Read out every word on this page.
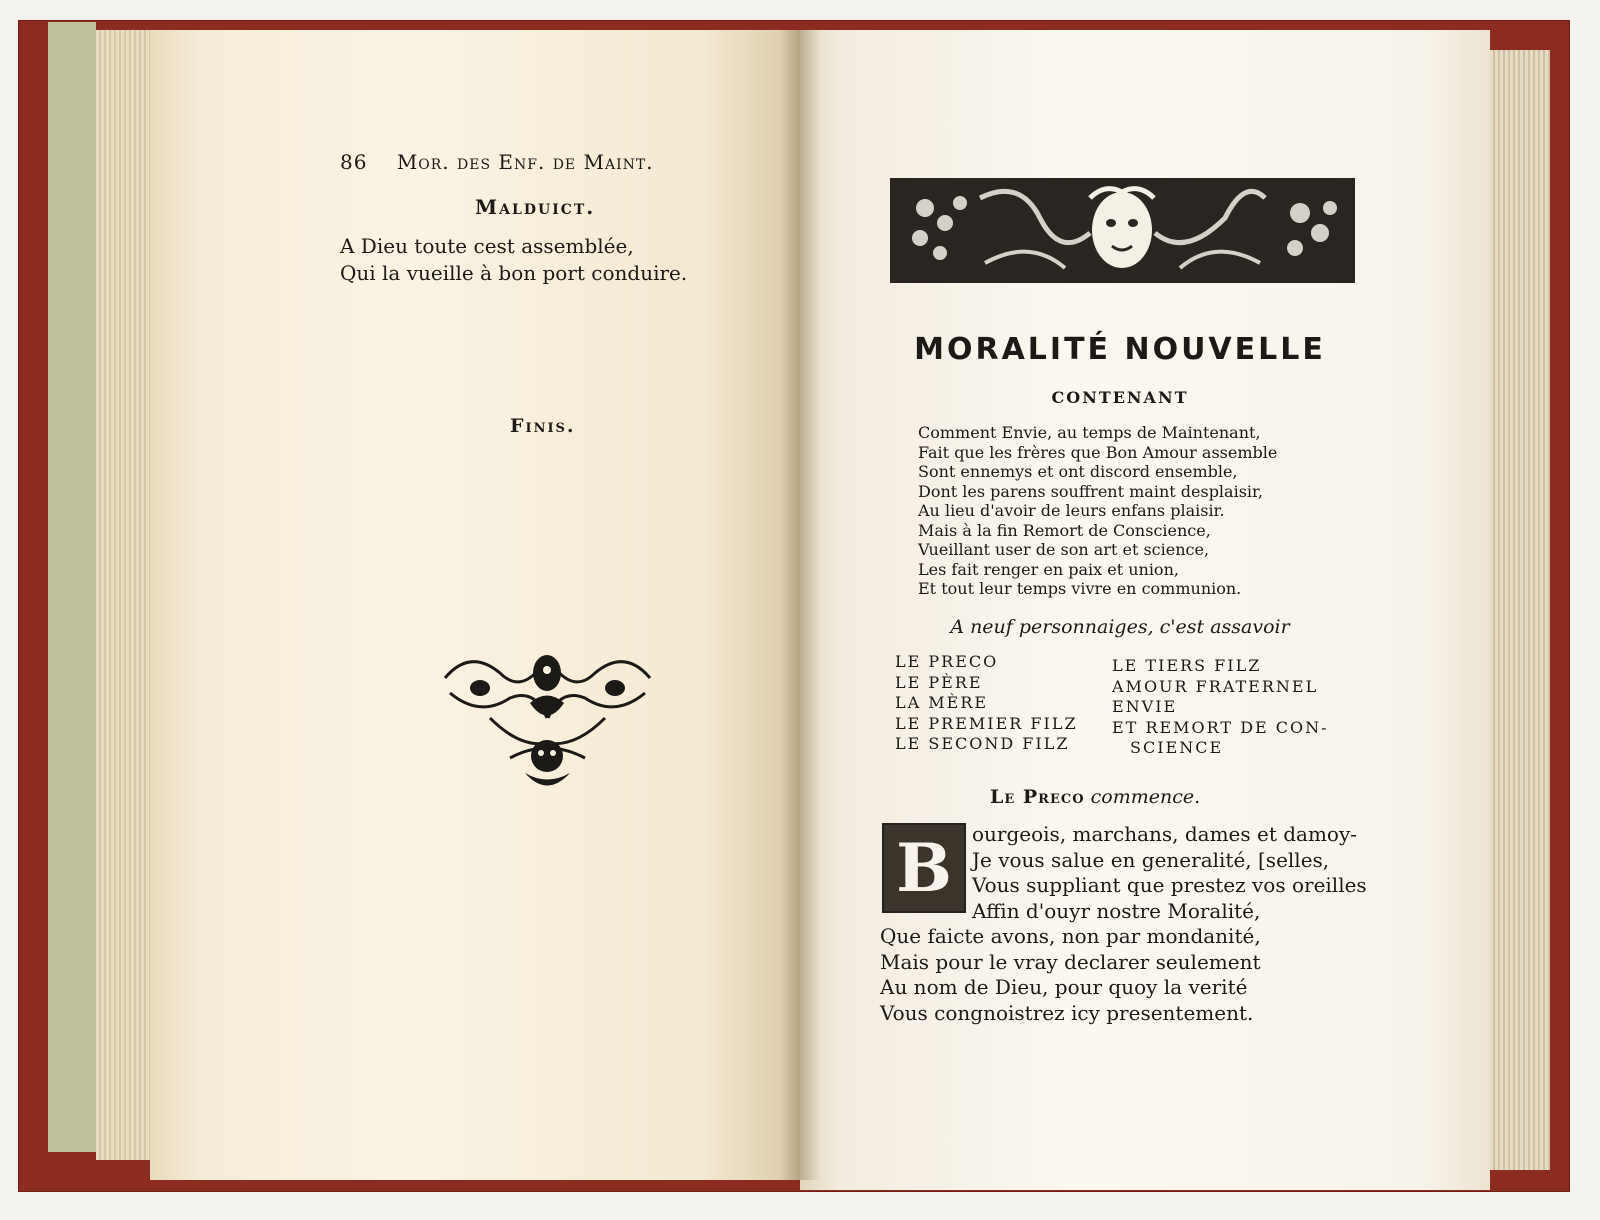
86 Mor. des Enf. de Maint.
Malduict.
A Dieu toute cest assemblée,
Qui la vueille à bon port conduire.
Finis.
MORALITÉ NOUVELLE
CONTENANT
Comment Envie, au temps de Maintenant,
Fait que les frères que Bon Amour assemble
Sont ennemys et ont discord ensemble,
Dont les parens souffrent maint desplaisir,
Au lieu d'avoir de leurs enfans plaisir.
Mais à la fin Remort de Conscience,
Vueillant user de son art et science,
Les fait renger en paix et union,
Et tout leur temps vivre en communion.
A neuf personnaiges, c'est assavoir
LE PRECO
LE PÈRE
LA MÈRE
LE PREMIER FILZ
LE SECOND FILZ
LE TIERS FILZ
AMOUR FRATERNEL
ENVIE
ET REMORT DE CON-
SCIENCE
Le Preco commence.
B ourgeois, marchans, dames et damoy-
Je vous salue en generalité,
Vous suppliant que prestez vos oreilles
Affin d'ouyr nostre Moralité,
[selles,
Que faicte avons, non par mondanité,
Mais pour le vray declarer seulement
Au nom de Dieu, pour quoy la verité
Vous congnoistrez icy presentement.
